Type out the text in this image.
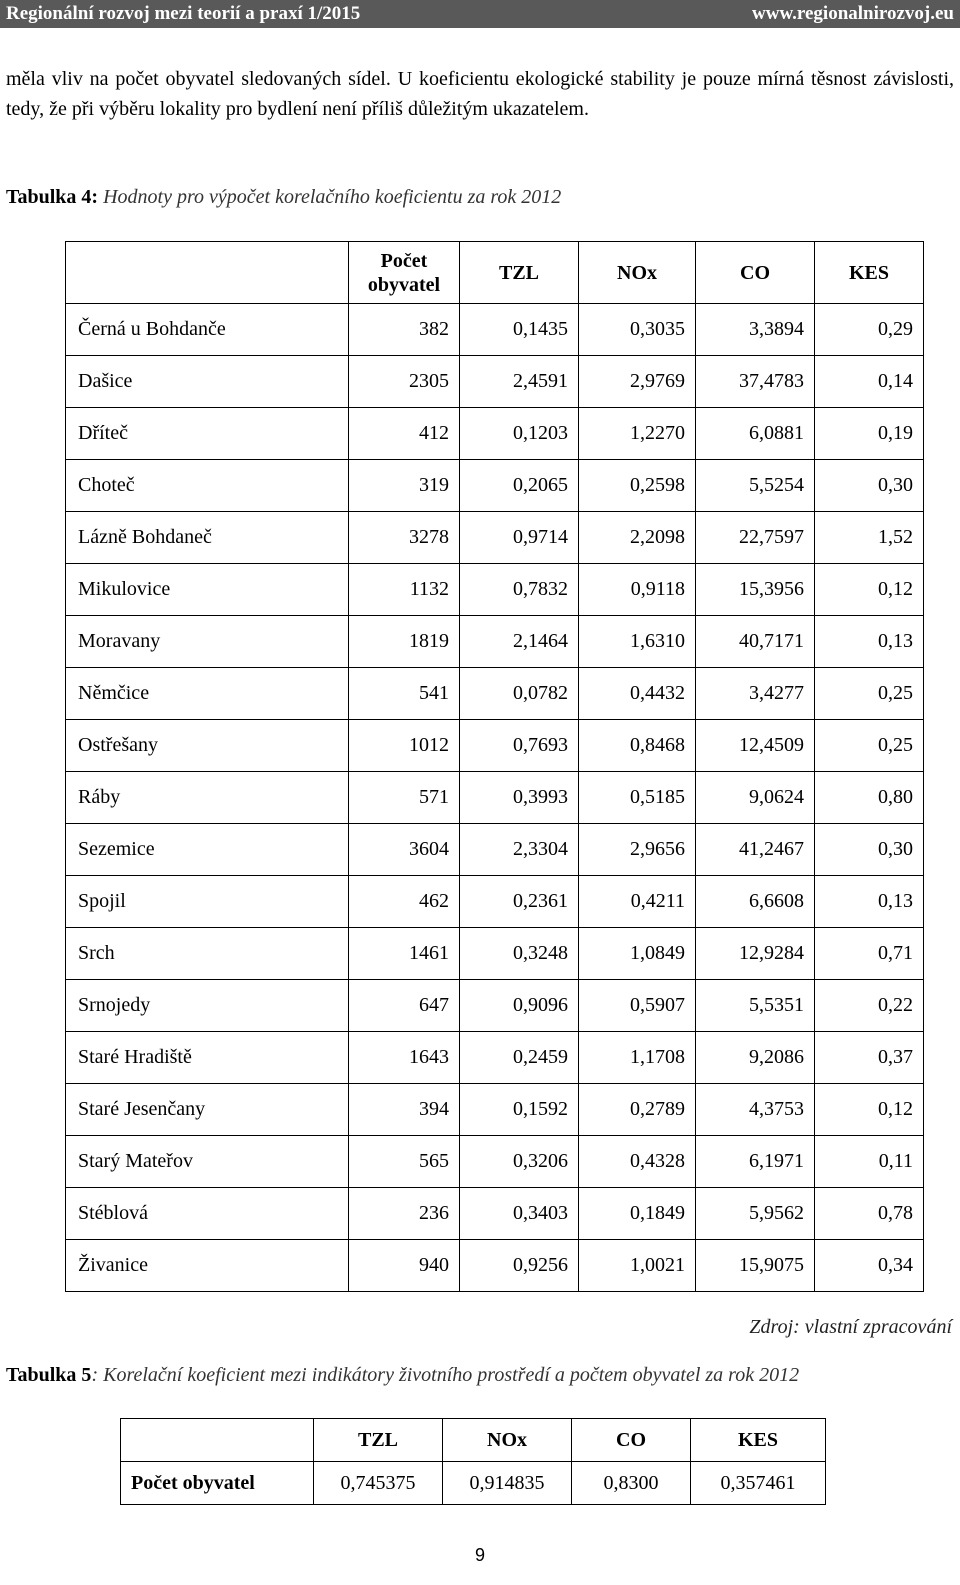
Regionální rozvoj mezi teorií a praxí 1/2015	www.regionalnirozvoj.eu
měla vliv na počet obyvatel sledovaných sídel. U koeficientu ekologické stability je pouze mírná těsnost závislosti, tedy, že při výběru lokality pro bydlení není příliš důležitým ukazatelem.
Tabulka 4: Hodnoty pro výpočet korelačního koeficientu za rok 2012
	Počet obyvatel	TZL	NOx	CO	KES
Černá u Bohdanče	382	0,1435	0,3035	3,3894	0,29
Dašice	2305	2,4591	2,9769	37,4783	0,14
Dříteč	412	0,1203	1,2270	6,0881	0,19
Choteč	319	0,2065	0,2598	5,5254	0,30
Lázně Bohdaneč	3278	0,9714	2,2098	22,7597	1,52
Mikulovice	1132	0,7832	0,9118	15,3956	0,12
Moravany	1819	2,1464	1,6310	40,7171	0,13
Němčice	541	0,0782	0,4432	3,4277	0,25
Ostřešany	1012	0,7693	0,8468	12,4509	0,25
Ráby	571	0,3993	0,5185	9,0624	0,80
Sezemice	3604	2,3304	2,9656	41,2467	0,30
Spojil	462	0,2361	0,4211	6,6608	0,13
Srch	1461	0,3248	1,0849	12,9284	0,71
Srnojedy	647	0,9096	0,5907	5,5351	0,22
Staré Hradiště	1643	0,2459	1,1708	9,2086	0,37
Staré Jesenčany	394	0,1592	0,2789	4,3753	0,12
Starý Mateřov	565	0,3206	0,4328	6,1971	0,11
Stéblová	236	0,3403	0,1849	5,9562	0,78
Živanice	940	0,9256	1,0021	15,9075	0,34
Zdroj: vlastní zpracování
Tabulka 5: Korelační koeficient mezi indikátory životního prostředí a počtem obyvatel za rok 2012
	TZL	NOx	CO	KES
Počet obyvatel	0,745375	0,914835	0,8300	0,357461
9
